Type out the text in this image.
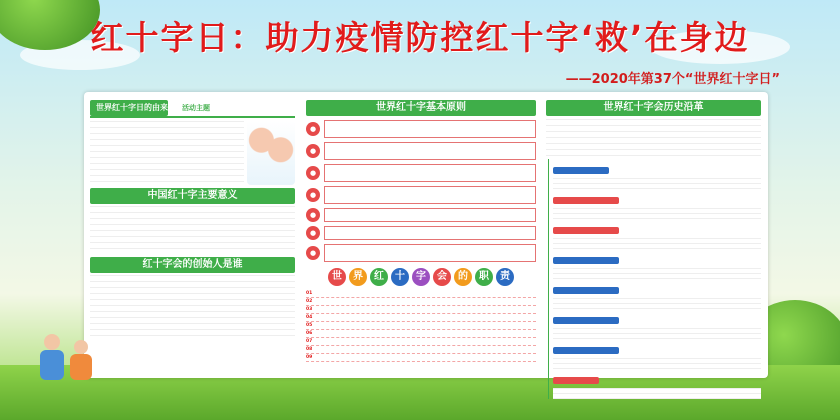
红十字日：助力疫情防控红十字‘救’在身边
——2020年第37个“世界红十字日”
世界红十字日的由来 活动主题
中国红十字主要意义
红十字会的创始人是谁
世界红十字基本原则
●
●
●
●
●
●
●
世	界	红	十	字	会	的	职	责
01
02
03
04
05
06
07
08
09
世界红十字会历史沿革
